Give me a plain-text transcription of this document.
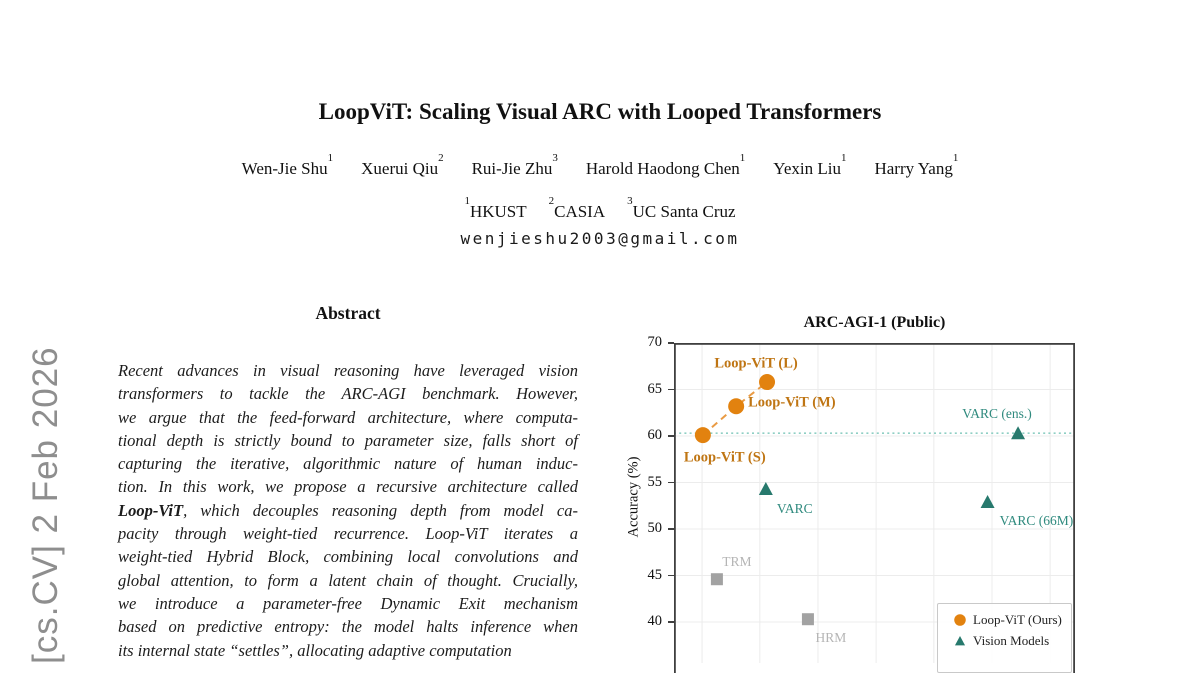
[cs.CV] 2 Feb 2026
LoopViT: Scaling Visual ARC with Looped Transformers
Wen-Jie Shu$^1$Xuerui Qiu$^2$Rui-Jie Zhu$^3$Harold Haodong Chen$^1$Yexin Liu$^1$Harry Yang$^1$
$^1$HKUST$^2$CASIA$^3$UC Santa Cruz
wenjieshu2003@gmail.com
Abstract
Recent advances in visual reasoning have leveraged vision
transformers to tackle the ARC-AGI benchmark. However,
we argue that the feed-forward architecture, where computa-
tional depth is strictly bound to parameter size, falls short of
capturing the iterative, algorithmic nature of human induc-
tion. In this work, we propose a recursive architecture called
Loop-ViT, which decouples reasoning depth from model ca-
pacity through weight-tied recurrence. Loop-ViT iterates a
weight-tied Hybrid Block, combining local convolutions and
global attention, to form a latent chain of thought. Crucially,
we introduce a parameter-free Dynamic Exit mechanism
based on predictive entropy: the model halts inference when
its internal state “settles”, allocating adaptive computation
ARC-AGI-1 (Public)
Accuracy (%)
70
65
60
55
50
45
40
Loop-ViT (S)
Loop-ViT (M)
Loop-ViT (L)
VARC
VARC (ens.)
VARC (66M)
TRM
HRM
Loop-ViT (Ours)
Vision Models
